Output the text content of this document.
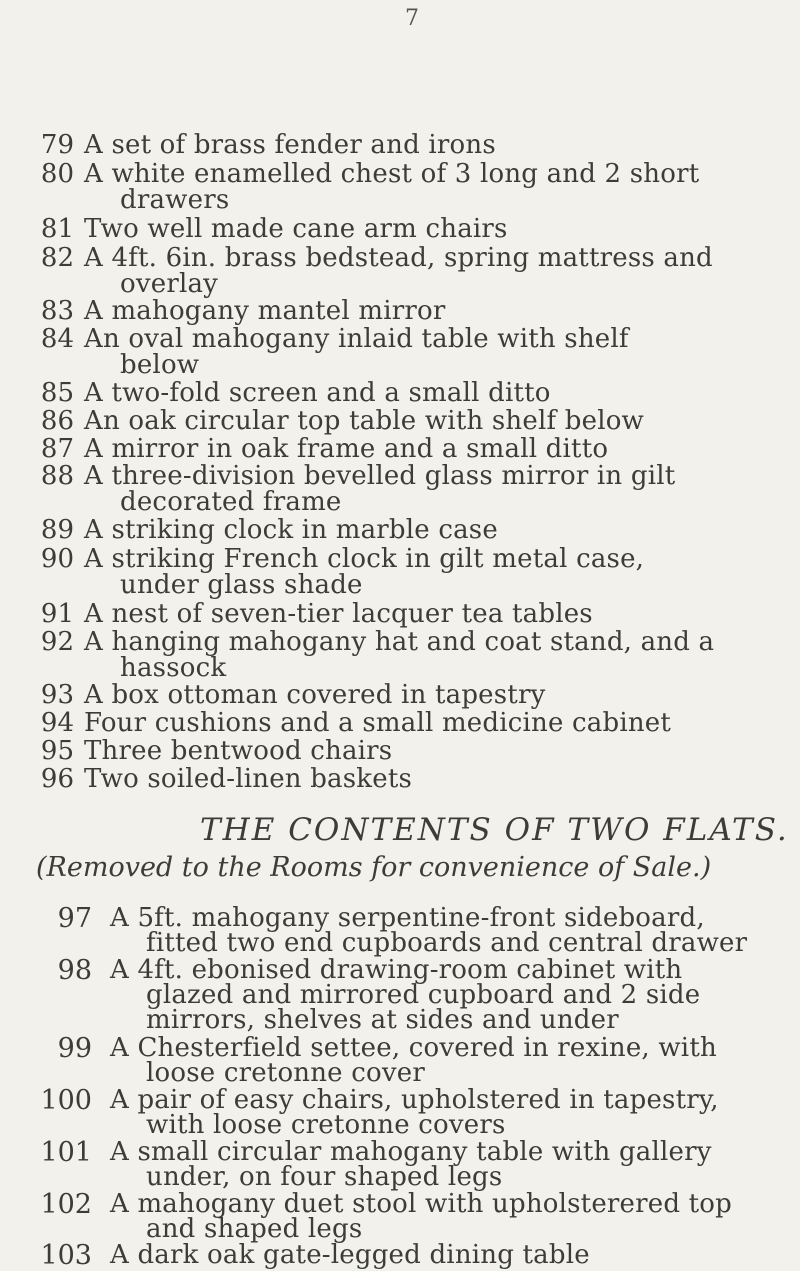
7
79 A set of brass fender and irons
80 A white enamelled chest of 3 long and 2 short
drawers
81 Two well made cane arm chairs
82 A 4ft. 6in. brass bedstead, spring mattress and
overlay
83 A mahogany mantel mirror
84 An oval mahogany inlaid table with shelf
below
85 A two-fold screen and a small ditto
86 An oak circular top table with shelf below
87 A mirror in oak frame and a small ditto
88 A three-division bevelled glass mirror in gilt
decorated frame
89 A striking clock in marble case
90 A striking French clock in gilt metal case,
under glass shade
91 A nest of seven-tier lacquer tea tables
92 A hanging mahogany hat and coat stand, and a
hassock
93 A box ottoman covered in tapestry
94 Four cushions and a small medicine cabinet
95 Three bentwood chairs
96 Two soiled-linen baskets
THE CONTENTS OF TWO FLATS.
(Removed to the Rooms for convenience of Sale.)
97 A 5ft. mahogany serpentine-front sideboard,
fitted two end cupboards and central drawer
98 A 4ft. ebonised drawing-room cabinet with
glazed and mirrored cupboard and 2 side
mirrors, shelves at sides and under
99 A Chesterfield settee, covered in rexine, with
loose cretonne cover
100 A pair of easy chairs, upholstered in tapestry,
with loose cretonne covers
101 A small circular mahogany table with gallery
under, on four shaped legs
102 A mahogany duet stool with upholsterered top
and shaped legs
103 A dark oak gate-legged dining table
